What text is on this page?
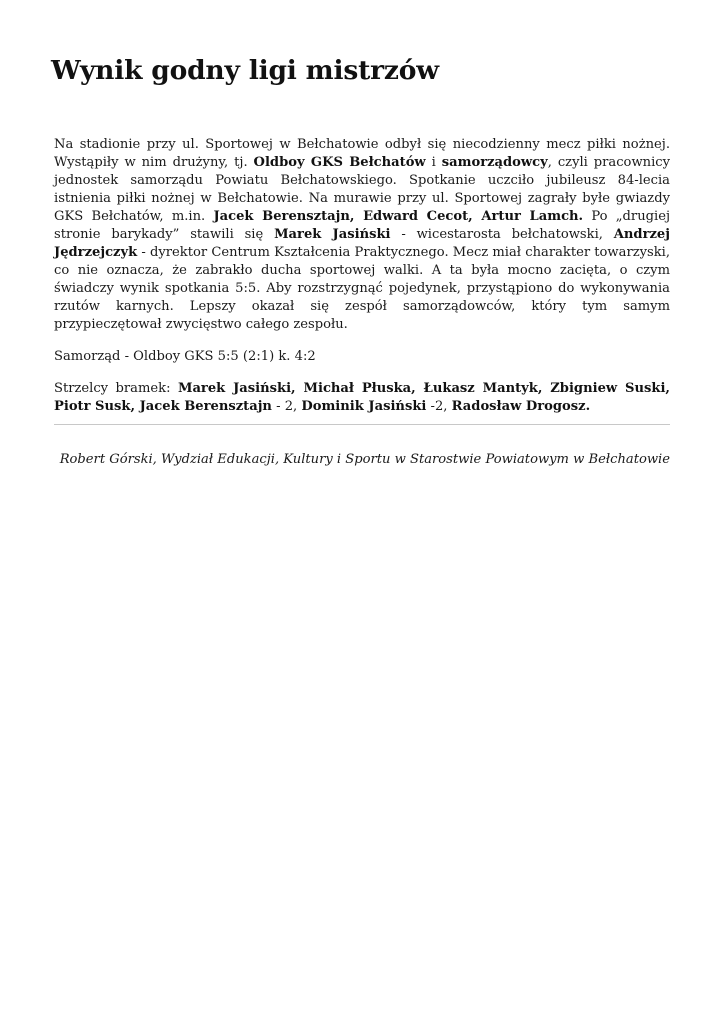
Wynik godny ligi mistrzów

Na stadionie przy ul. Sportowej w Bełchatowie odbył się niecodzienny mecz piłki nożnej. Wystąpiły w nim drużyny, tj. Oldboy GKS Bełchatów i samorządowcy, czyli pracownicy jednostek samorządu Powiatu Bełchatowskiego. Spotkanie uczciło jubileusz 84-lecia istnienia piłki nożnej w Bełchatowie. Na murawie przy ul. Sportowej zagrały byłe gwiazdy GKS Bełchatów, m.in. Jacek Berensztajn, Edward Cecot, Artur Lamch. Po „drugiej stronie barykady” stawili się Marek Jasiński - wicestarosta bełchatowski, Andrzej Jędrzejczyk - dyrektor Centrum Kształcenia Praktycznego. Mecz miał charakter towarzyski, co nie oznacza, że zabrakło ducha sportowej walki. A ta była mocno zacięta, o czym świadczy wynik spotkania 5:5. Aby rozstrzygnąć pojedynek, przystąpiono do wykonywania rzutów karnych. Lepszy okazał się zespół samorządowców, który tym samym przypieczętował zwycięstwo całego zespołu.

Samorząd - Oldboy GKS 5:5 (2:1) k. 4:2

Strzelcy bramek: Marek Jasiński, Michał Płuska, Łukasz Mantyk, Zbigniew Suski, Piotr Susk, Jacek Berensztajn - 2, Dominik Jasiński -2, Radosław Drogosz.

Robert Górski, Wydział Edukacji, Kultury i Sportu w Starostwie Powiatowym w Bełchatowie
